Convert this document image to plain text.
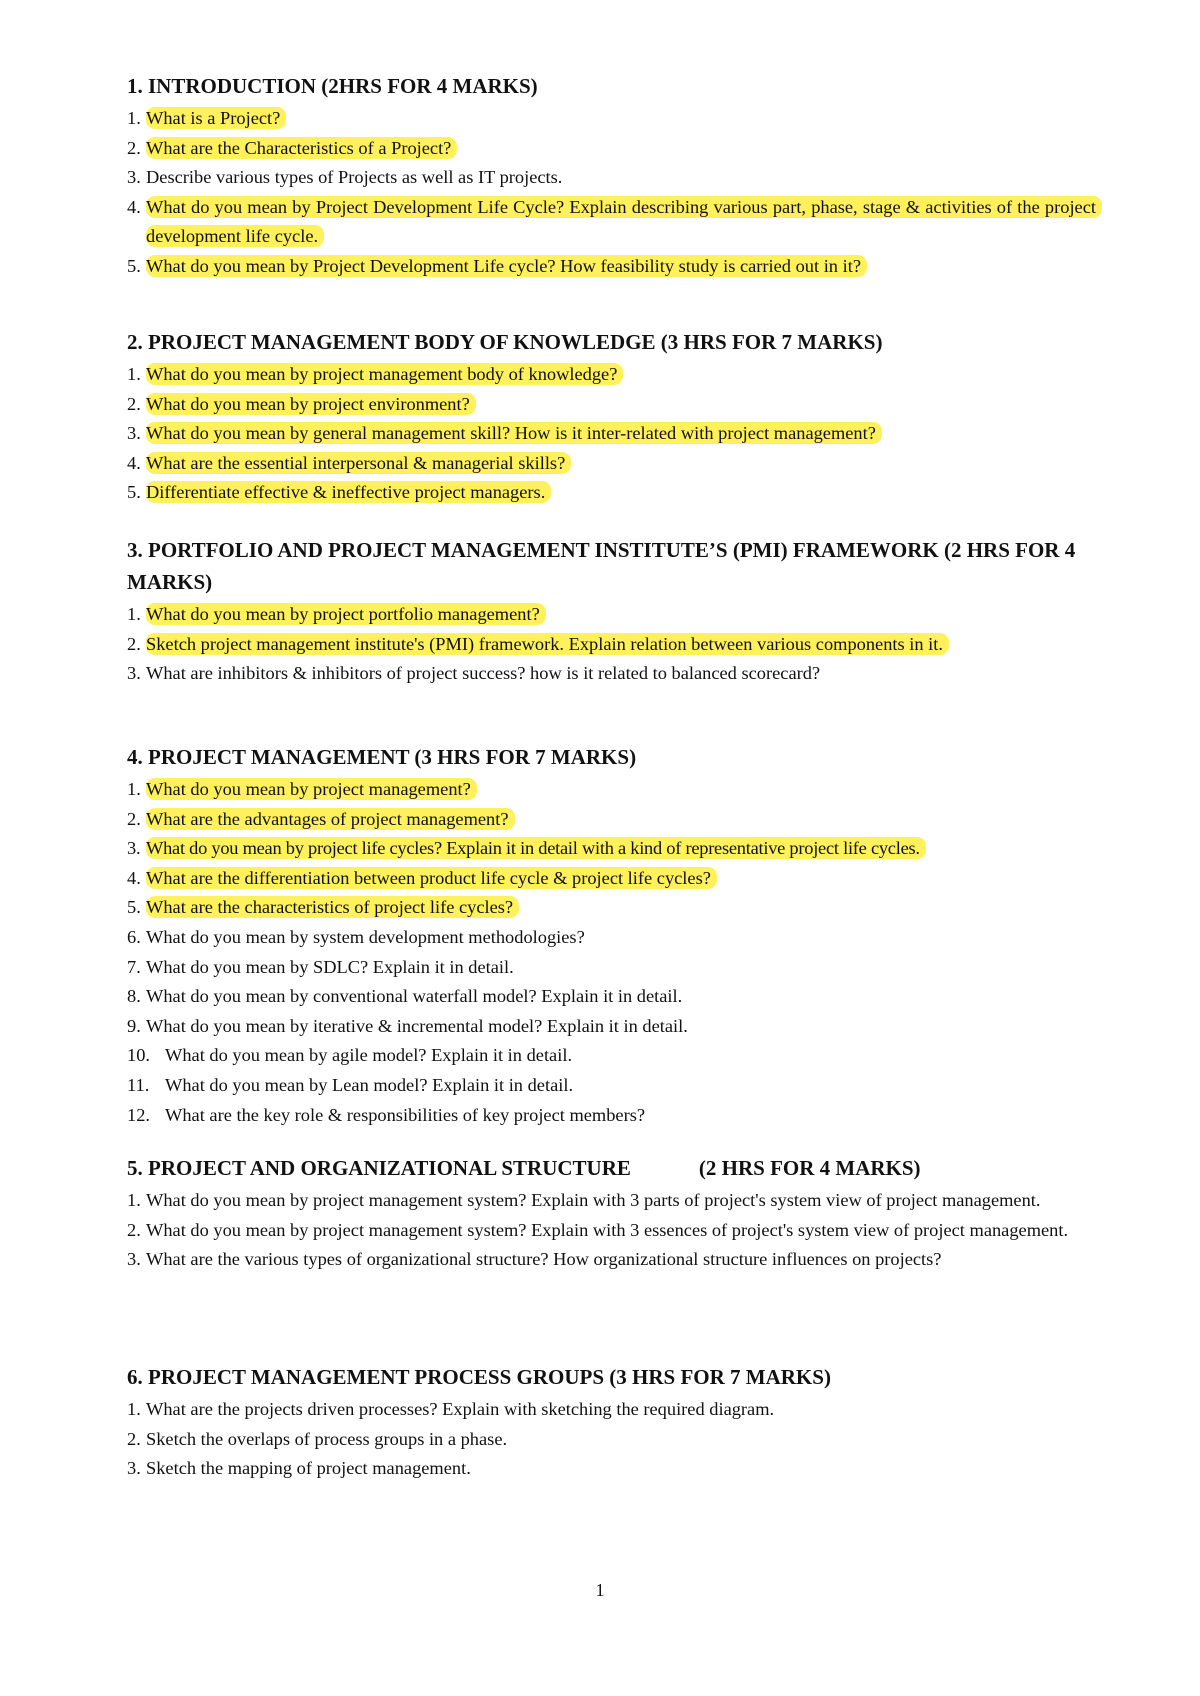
1. INTRODUCTION (2HRS FOR 4 MARKS)
1. What is a Project?
2. What are the Characteristics of a Project?
3. Describe various types of Projects as well as IT projects.
4. What do you mean by Project Development Life Cycle? Explain describing various part, phase, stage & activities of the project development life cycle.
5. What do you mean by Project Development Life cycle? How feasibility study is carried out in it?
2. PROJECT MANAGEMENT BODY OF KNOWLEDGE (3 HRS FOR 7 MARKS)
1. What do you mean by project management body of knowledge?
2. What do you mean by project environment?
3. What do you mean by general management skill? How is it inter-related with project management?
4. What are the essential interpersonal & managerial skills?
5. Differentiate effective & ineffective project managers.
3. PORTFOLIO AND PROJECT MANAGEMENT INSTITUTE’S (PMI) FRAMEWORK (2 HRS FOR 4 MARKS)
1. What do you mean by project portfolio management?
2. Sketch project management institute's (PMI) framework. Explain relation between various components in it.
3. What are inhibitors & inhibitors of project success? how is it related to balanced scorecard?
4. PROJECT MANAGEMENT (3 HRS FOR 7 MARKS)
1. What do you mean by project management?
2. What are the advantages of project management?
3. What do you mean by project life cycles? Explain it in detail with a kind of representative project life cycles.
4. What are the differentiation between product life cycle & project life cycles?
5. What are the characteristics of project life cycles?
6. What do you mean by system development methodologies?
7. What do you mean by SDLC? Explain it in detail.
8. What do you mean by conventional waterfall model? Explain it in detail.
9. What do you mean by iterative & incremental model? Explain it in detail.
10. What do you mean by agile model? Explain it in detail.
11. What do you mean by Lean model? Explain it in detail.
12. What are the key role & responsibilities of key project members?
5. PROJECT AND ORGANIZATIONAL STRUCTURE	(2 HRS FOR 4 MARKS)
1. What do you mean by project management system? Explain with 3 parts of project's system view of project management.
2. What do you mean by project management system? Explain with 3 essences of project's system view of project management.
3. What are the various types of organizational structure? How organizational structure influences on projects?
6. PROJECT MANAGEMENT PROCESS GROUPS (3 HRS FOR 7 MARKS)
1. What are the projects driven processes? Explain with sketching the required diagram.
2. Sketch the overlaps of process groups in a phase.
3. Sketch the mapping of project management.
1
